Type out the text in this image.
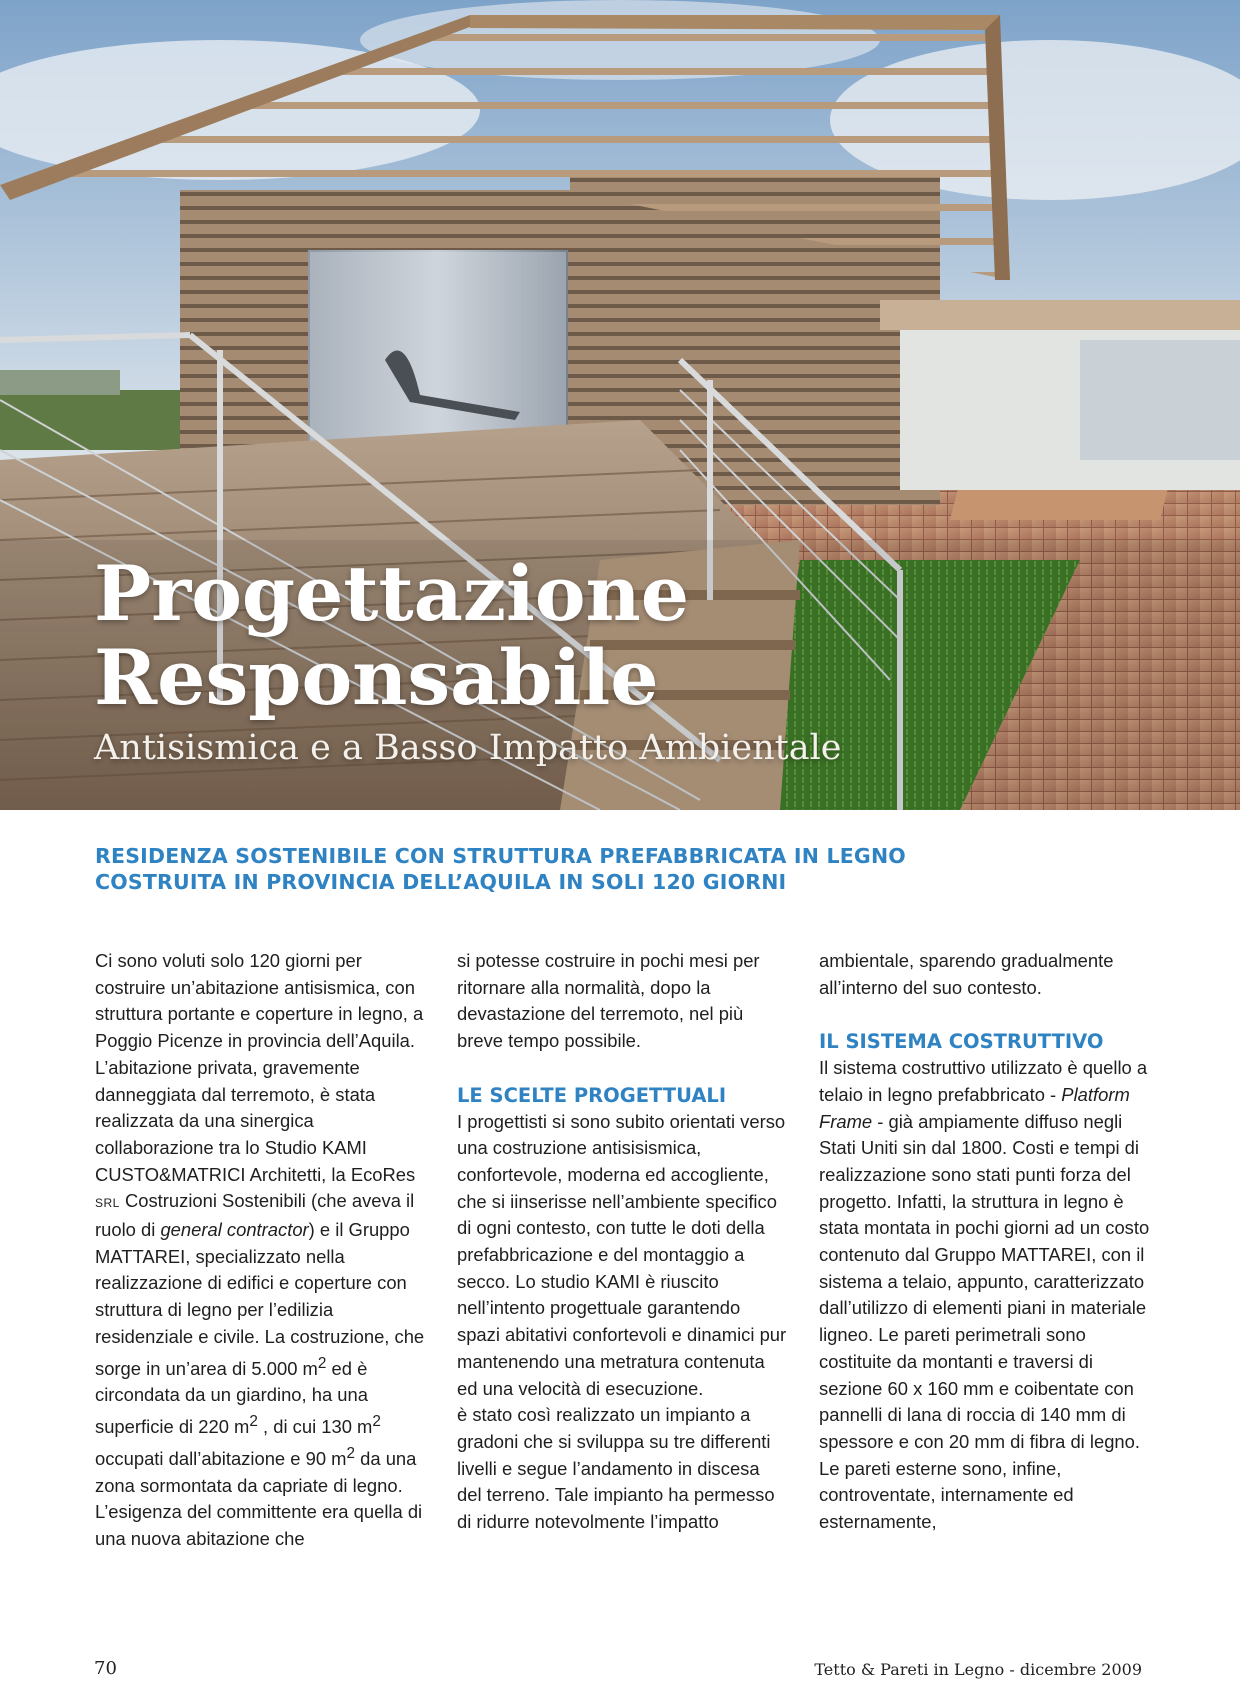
Progettazione
Responsabile
Antisismica e a Basso Impatto Ambientale
RESIDENZA SOSTENIBILE CON STRUTTURA PREFABBRICATA IN LEGNO
COSTRUITA IN PROVINCIA DELL’AQUILA IN SOLI 120 GIORNI

Ci sono voluti solo 120 giorni per costruire un’abitazione antisismica, con struttura portante e coperture in legno, a Poggio Picenze in provincia dell’Aquila. L’abitazione privata, gravemente danneggiata dal terremoto, è stata realizzata da una sinergica collaborazione tra lo Studio KAMI CUSTO&MATRICI Architetti, la EcoRes SRL Costruzioni Sostenibili (che aveva il ruolo di general contractor) e il Gruppo MATTAREI, specializzato nella realizzazione di edifici e coperture con struttura di legno per l’edilizia residenziale e civile. La costruzione, che sorge in un’area di 5.000 $m^2$ ed è circondata da un giardino, ha una superficie di 220 $m^2$ , di cui 130 $m^2$ occupati dall’abitazione e 90 $m^2$ da una zona sormontata da capriate di legno.

L’esigenza del committente era quella di una nuova abitazione che

si potesse costruire in pochi mesi per ritornare alla normalità, dopo la devastazione del terremoto, nel più breve tempo possibile.

LE SCELTE PROGETTUALI

I progettisti si sono subito orientati verso una costruzione antisisismica, confortevole, moderna ed accogliente, che si iinserisse nell’ambiente specifico di ogni contesto, con tutte le doti della prefabbricazione e del montaggio a secco. Lo studio KAMI è riuscito nell’intento progettuale garantendo spazi abitativi confortevoli e dinamici pur mantenendo una metratura contenuta ed una velocità di esecuzione.

è stato così realizzato un impianto a gradoni che si sviluppa su tre differenti livelli e segue l’andamento in discesa del terreno. Tale impianto ha permesso di ridurre notevolmente l’impatto

ambientale, sparendo gradualmente all’interno del suo contesto.

IL SISTEMA COSTRUTTIVO

Il sistema costruttivo utilizzato è quello a telaio in legno prefabbricato - Platform Frame - già ampiamente diffuso negli Stati Uniti sin dal 1800. Costi e tempi di realizzazione sono stati punti forza del progetto. Infatti, la struttura in legno è stata montata in pochi giorni ad un costo contenuto dal Gruppo MATTAREI, con il sistema a telaio, appunto, caratterizzato dall’utilizzo di elementi piani in materiale ligneo. Le pareti perimetrali sono costituite da montanti e traversi di sezione 60 x 160 mm e coibentate con pannelli di lana di roccia di 140 mm di spessore e con 20 mm di fibra di legno. Le pareti esterne sono, infine, controventate, internamente ed esternamente,

70	Tetto & Pareti in Legno - dicembre 2009
